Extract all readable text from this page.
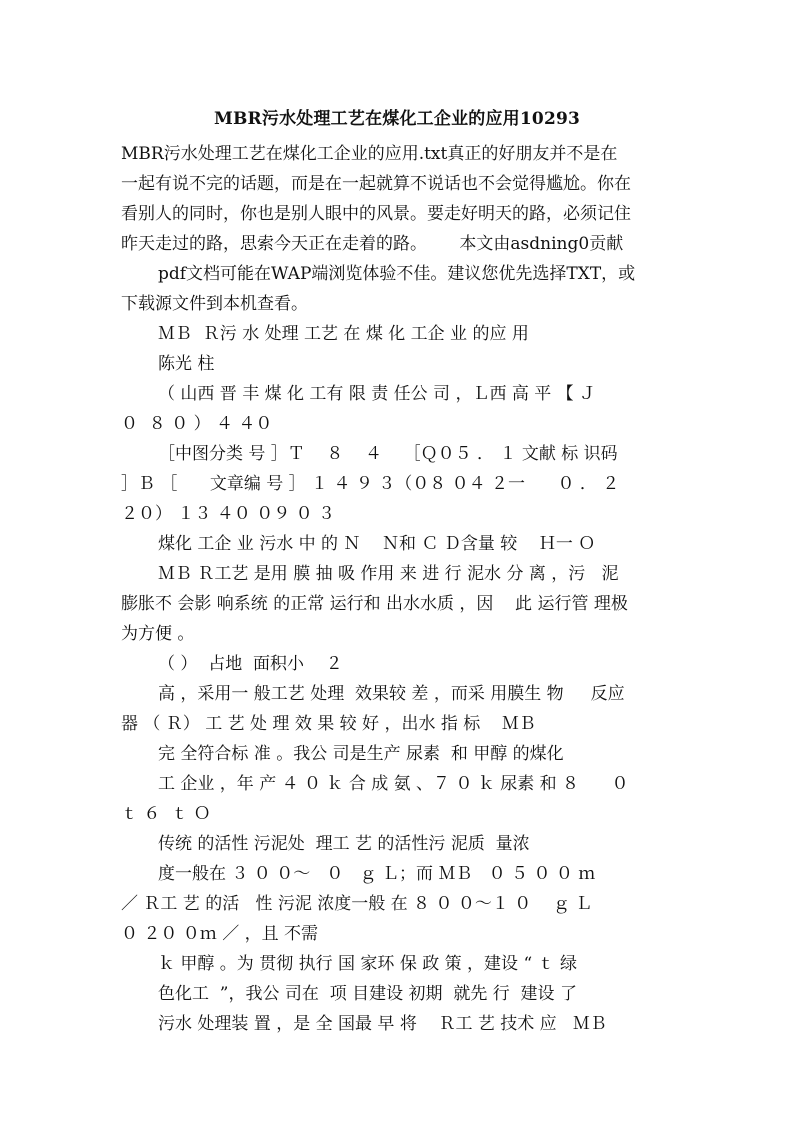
MBR污水处理工艺在煤化工企业的应用10293
MBR污水处理工艺在煤化工企业的应用.txt真正的好朋友并不是在
一起有说不完的话题，而是在一起就算不说话也不会觉得尴尬。你在
看别人的同时，你也是别人眼中的风景。要走好明天的路，必须记住
昨天走过的路，思索今天正在走着的路。      本文由asdning0贡献
pdf文档可能在WAP端浏览体验不佳。建议您优先选择TXT，或
下载源文件到本机查看。
ＭＢ  Ｒ污 水 处理 工艺 在 煤 化 工企 业 的应 用
陈光 柱
（ 山西 晋 丰 煤 化 工有 限 责 任公 司 ，Ｌ西 高 平 【 Ｊ
０  ８ ０ ） ４ ４０
［中图分类 号 ］Ｔ    ８    ４    ［Ｑ０５ ． １ 文献 标 识码
］Ｂ ［      文章编 号 ］ １ ４ ９ ３（０８ ０４ ２一      ０ ． ２
２０） １３ ４０ ０９ ０ ３
煤化 工企 业 污水 中 的 Ｎ    Ｎ和 Ｃ Ｄ含量 较    Ｈ一 Ｏ
ＭＢ Ｒ工艺 是用 膜 抽 吸 作用 来 进 行 泥水 分 离 ，污   泥
膨胀不 会影 响系统 的正常 运行和 出水水质 ，因    此 运行管 理极
为方便 。
（ ）  占地  面积小    ２
高 ，采用一 般工艺 处理  效果较 差 ，而采 用膜生 物     反应
器 （ Ｒ） 工 艺 处 理 效 果 较 好 ，出水 指 标    ＭＢ
完 全符合标 准 。我公 司是生产 尿素  和 甲醇 的煤化
工 企业 ，年 产 ４ ０ ｋ 合 成 氨 、７ ０ ｋ 尿素 和 ８      ０
ｔ ６  ｔ Ｏ
传统 的活性 污泥处  理工 艺 的活性污 泥质  量浓
度一般在 ３ ０ ０～   ０   ｇ Ｌ；而 ＭＢ   ０ ５ ０ ０ ｍ
／ Ｒ工 艺 的活   性 污泥 浓度一般 在 ８ ０ ０～１ ０    ｇ Ｌ
０ ２０ ０ｍ ／ ，且 不需
ｋ 甲醇 。为 贯彻 执行 国 家环 保 政 策 ，建设 “ ｔ 绿
色化工  ”，我公 司在  项 目建设 初期  就先 行  建设 了
污水 处理装 置 ，是 全 国最 早 将    Ｒ工 艺 技术 应   ＭＢ
